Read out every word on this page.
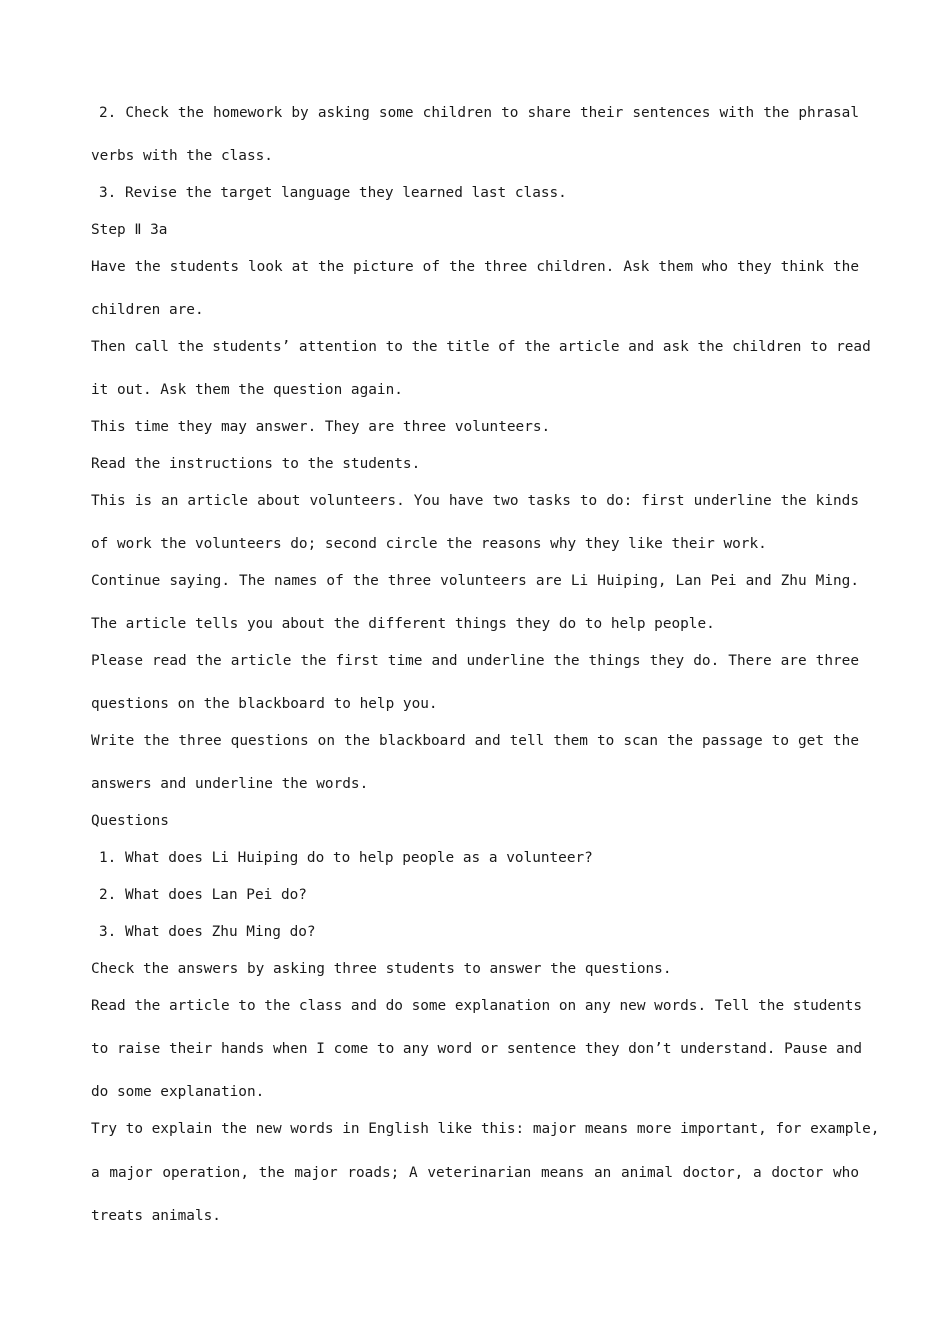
2. Check the homework by asking some children to share their sentences with the phrasal
verbs with the class.
3. Revise the target language they learned last class.
Step Ⅱ 3a
Have the students look at the picture of the three children. Ask them who they think the
children are.
Then call the students’ attention to the title of the article and ask the children to read
it out. Ask them the question again.
This time they may answer. They are three volunteers.
Read the instructions to the students.
This is an article about volunteers. You have two tasks to do: first underline the kinds
of work the volunteers do; second circle the reasons why they like their work.
Continue saying. The names of the three volunteers are Li Huiping, Lan Pei and Zhu Ming.
The article tells you about the different things they do to help people.
Please read the article the first time and underline the things they do. There are three
questions on the blackboard to help you.
Write the three questions on the blackboard and tell them to scan the passage to get the
answers and underline the words.
Questions
1. What does Li Huiping do to help people as a volunteer?
2. What does Lan Pei do?
3. What does Zhu Ming do?
Check the answers by asking three students to answer the questions.
Read the article to the class and do some explanation on any new words. Tell the students
to raise their hands when I come to any word or sentence they don’t understand. Pause and
do some explanation.
Try to explain the new words in English like this: major means more important, for example,
a major operation, the major roads; A veterinarian means an animal doctor, a doctor who
treats animals.
